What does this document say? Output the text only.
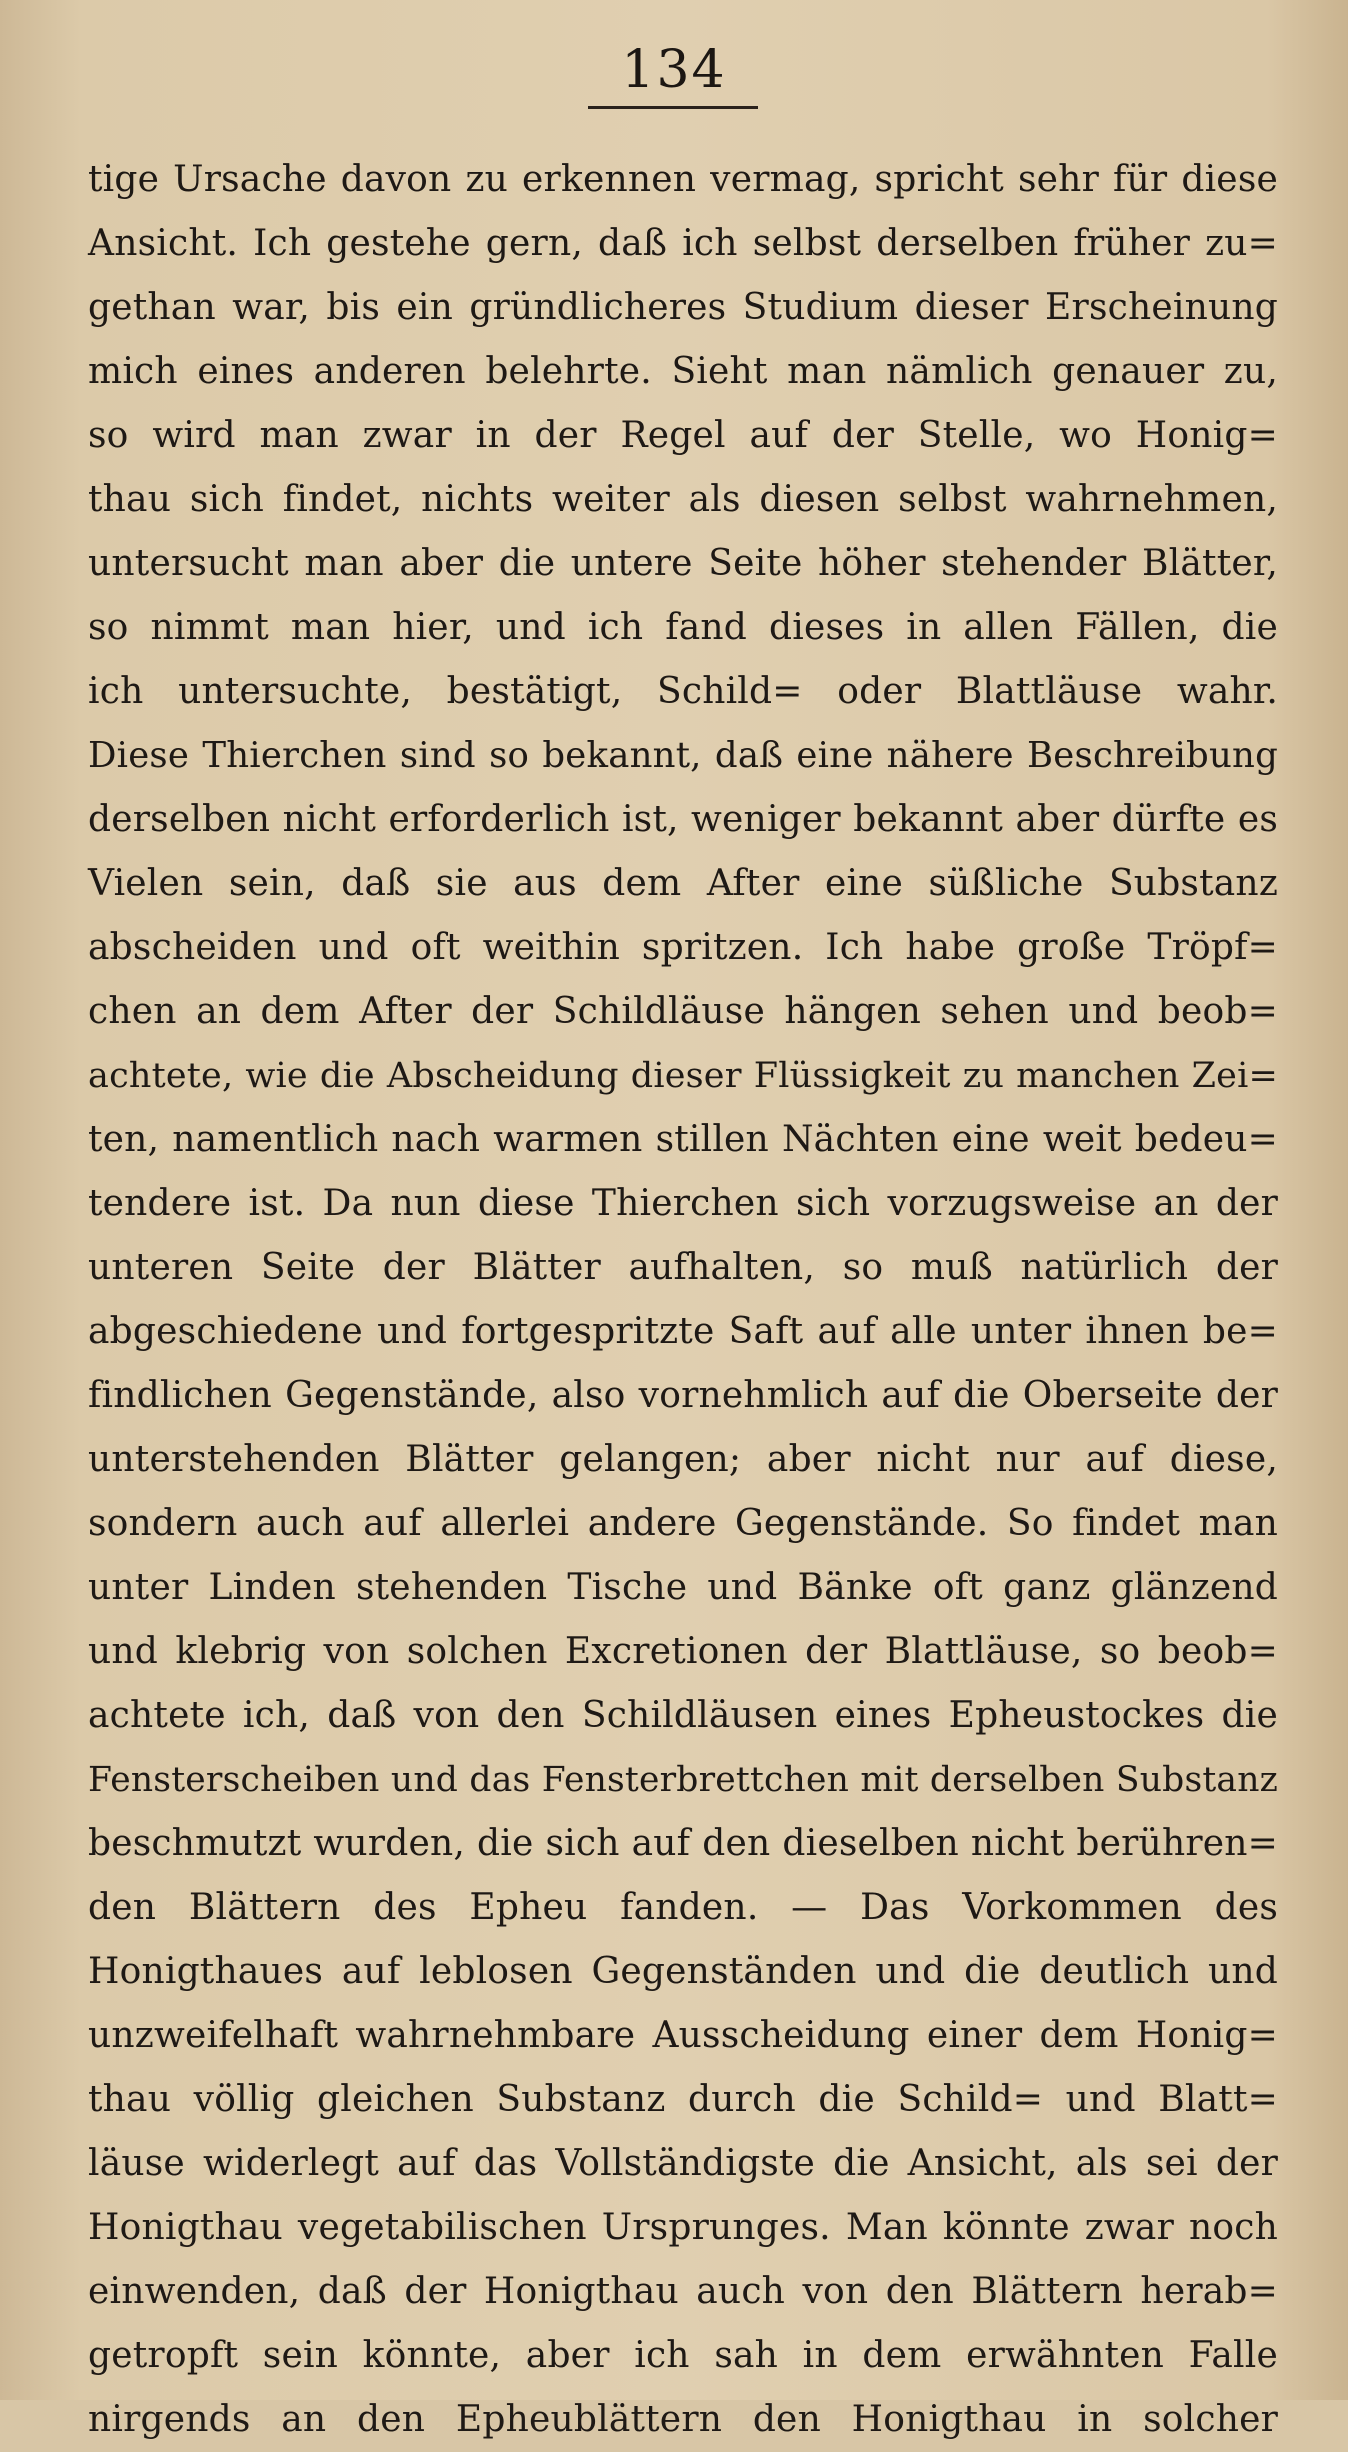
134
tige Ursache davon zu erkennen vermag, spricht sehr für diese
Ansicht. Ich gestehe gern, daß ich selbst derselben früher zu=
gethan war, bis ein gründlicheres Studium dieser Erscheinung
mich eines anderen belehrte. Sieht man nämlich genauer zu,
so wird man zwar in der Regel auf der Stelle, wo Honig=
thau sich findet, nichts weiter als diesen selbst wahrnehmen,
untersucht man aber die untere Seite höher stehender Blätter,
so nimmt man hier, und ich fand dieses in allen Fällen, die
ich untersuchte, bestätigt, Schild= oder Blattläuse wahr.
Diese Thierchen sind so bekannt, daß eine nähere Beschreibung
derselben nicht erforderlich ist, weniger bekannt aber dürfte es
Vielen sein, daß sie aus dem After eine süßliche Substanz
abscheiden und oft weithin spritzen. Ich habe große Tröpf=
chen an dem After der Schildläuse hängen sehen und beob=
achtete, wie die Abscheidung dieser Flüssigkeit zu manchen Zei=
ten, namentlich nach warmen stillen Nächten eine weit bedeu=
tendere ist. Da nun diese Thierchen sich vorzugsweise an der
unteren Seite der Blätter aufhalten, so muß natürlich der
abgeschiedene und fortgespritzte Saft auf alle unter ihnen be=
findlichen Gegenstände, also vornehmlich auf die Oberseite der
unterstehenden Blätter gelangen; aber nicht nur auf diese,
sondern auch auf allerlei andere Gegenstände. So findet man
unter Linden stehenden Tische und Bänke oft ganz glänzend
und klebrig von solchen Excretionen der Blattläuse, so beob=
achtete ich, daß von den Schildläusen eines Epheustockes die
Fensterscheiben und das Fensterbrettchen mit derselben Substanz
beschmutzt wurden, die sich auf den dieselben nicht berühren=
den Blättern des Epheu fanden. — Das Vorkommen des
Honigthaues auf leblosen Gegenständen und die deutlich und
unzweifelhaft wahrnehmbare Ausscheidung einer dem Honig=
thau völlig gleichen Substanz durch die Schild= und Blatt=
läuse widerlegt auf das Vollständigste die Ansicht, als sei der
Honigthau vegetabilischen Ursprunges. Man könnte zwar noch
einwenden, daß der Honigthau auch von den Blättern herab=
getropft sein könnte, aber ich sah in dem erwähnten Falle
nirgends an den Epheublättern den Honigthau in solcher
